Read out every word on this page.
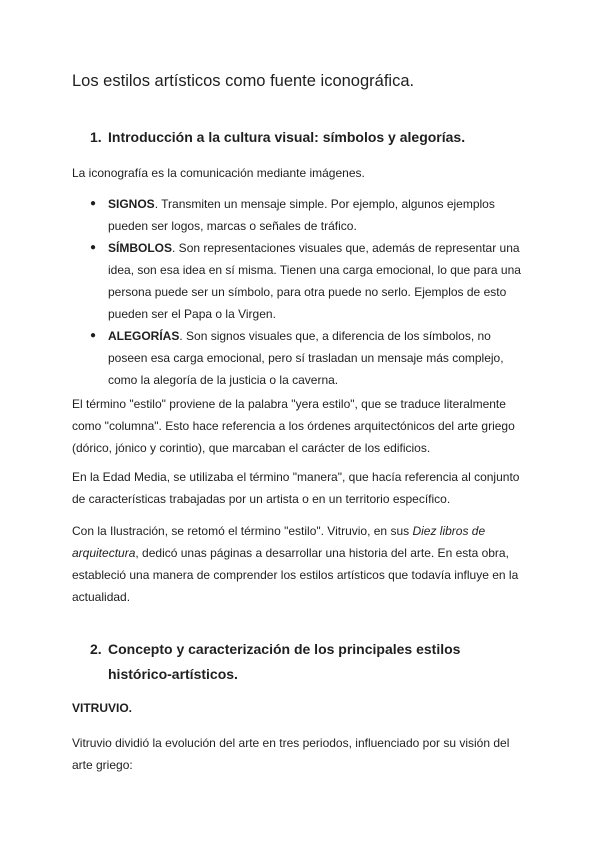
Los estilos artísticos como fuente iconográfica.
1. Introducción a la cultura visual: símbolos y alegorías.

La iconografía es la comunicación mediante imágenes.

● SIGNOS. Transmiten un mensaje simple. Por ejemplo, algunos ejemplos pueden ser logos, marcas o señales de tráfico.
● SÍMBOLOS. Son representaciones visuales que, además de representar una idea, son esa idea en sí misma. Tienen una carga emocional, lo que para una persona puede ser un símbolo, para otra puede no serlo. Ejemplos de esto pueden ser el Papa o la Virgen.
● ALEGORÍAS. Son signos visuales que, a diferencia de los símbolos, no poseen esa carga emocional, pero sí trasladan un mensaje más complejo, como la alegoría de la justicia o la caverna.

El término "estilo" proviene de la palabra "yera estilo", que se traduce literalmente como "columna". Esto hace referencia a los órdenes arquitectónicos del arte griego (dórico, jónico y corintio), que marcaban el carácter de los edificios.

En la Edad Media, se utilizaba el término "manera", que hacía referencia al conjunto de características trabajadas por un artista o en un territorio específico.

Con la Ilustración, se retomó el término "estilo". Vitruvio, en sus Diez libros de arquitectura, dedicó unas páginas a desarrollar una historia del arte. En esta obra, estableció una manera de comprender los estilos artísticos que todavía influye en la actualidad.

2. Concepto y caracterización de los principales estilos histórico-artísticos.
VITRUVIO.

Vitruvio dividió la evolución del arte en tres periodos, influenciado por su visión del arte griego:
